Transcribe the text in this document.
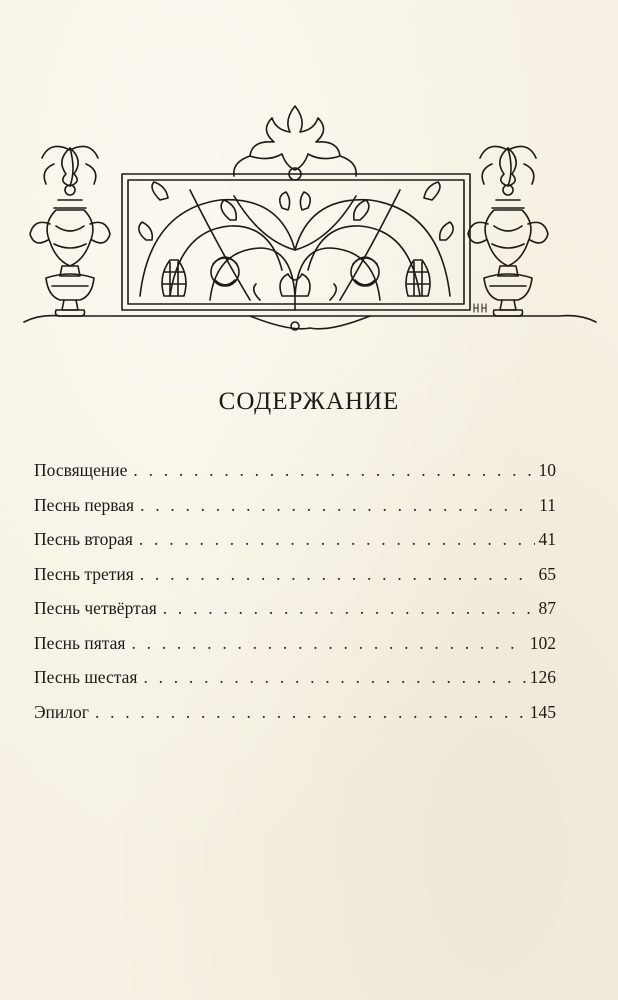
СОДЕРЖАНИЕ
Посвящение . . .	10
Песнь первая . . .	11
Песнь вторая . . .	41
Песнь третия . . .	65
Песнь четвёртая . . .	87
Песнь пятая . . .	102
Песнь шестая . . .	126
Эпилог . . .	145
